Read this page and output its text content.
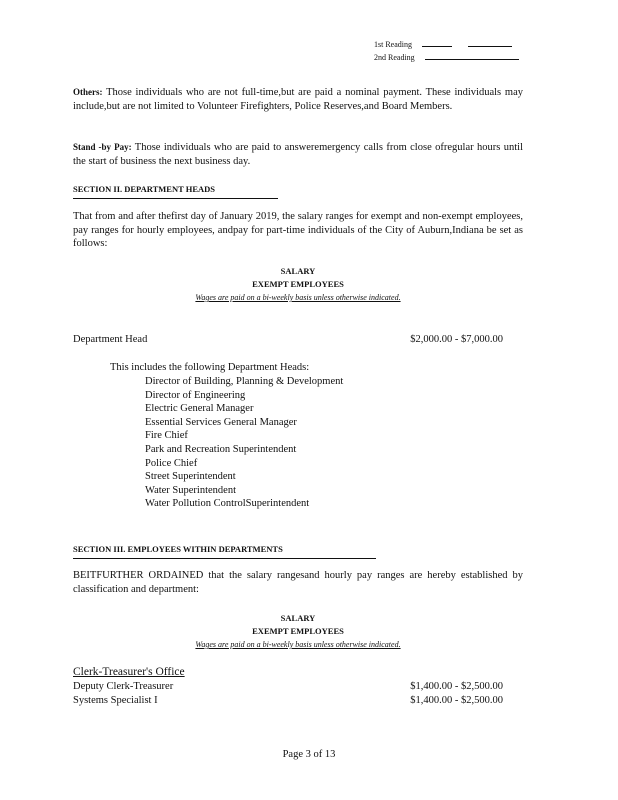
1st Reading
2nd Reading
Others: Those individuals who are not full-time,but are paid a nominal payment. These individuals may include,but are not limited to Volunteer Firefighters, Police Reserves,and Board Members.
Stand -by Pay: Those individuals who are paid to answeremergency calls from close ofregular hours until the start of business the next business day.
SECTION II. DEPARTMENT HEADS
That from and after thefirst day of January 2019, the salary ranges for exempt and non-exempt employees, pay ranges for hourly employees, andpay for part-time individuals of the City of Auburn,Indiana be set as follows:
SALARY
EXEMPT EMPLOYEES
Wages are paid on a bi-weekly basis unless otherwise indicated.
Department Head	$2,000.00 - $7,000.00
This includes the following Department Heads:
Director of Building, Planning & Development
Director of Engineering
Electric General Manager
Essential Services General Manager
Fire Chief
Park and Recreation Superintendent
Police Chief
Street Superintendent
Water Superintendent
Water Pollution ControlSuperintendent
SECTION III. EMPLOYEES WITHIN DEPARTMENTS
BEITFURTHER ORDAINED that the salary rangesand hourly pay ranges are hereby established by classification and department:
SALARY
EXEMPT EMPLOYEES
Wages are paid on a bi-weekly basis unless otherwise indicated.
Clerk-Treasurer's Office
Deputy Clerk-Treasurer	$1,400.00 - $2,500.00
Systems Specialist I	$1,400.00 - $2,500.00
Page 3 of 13
